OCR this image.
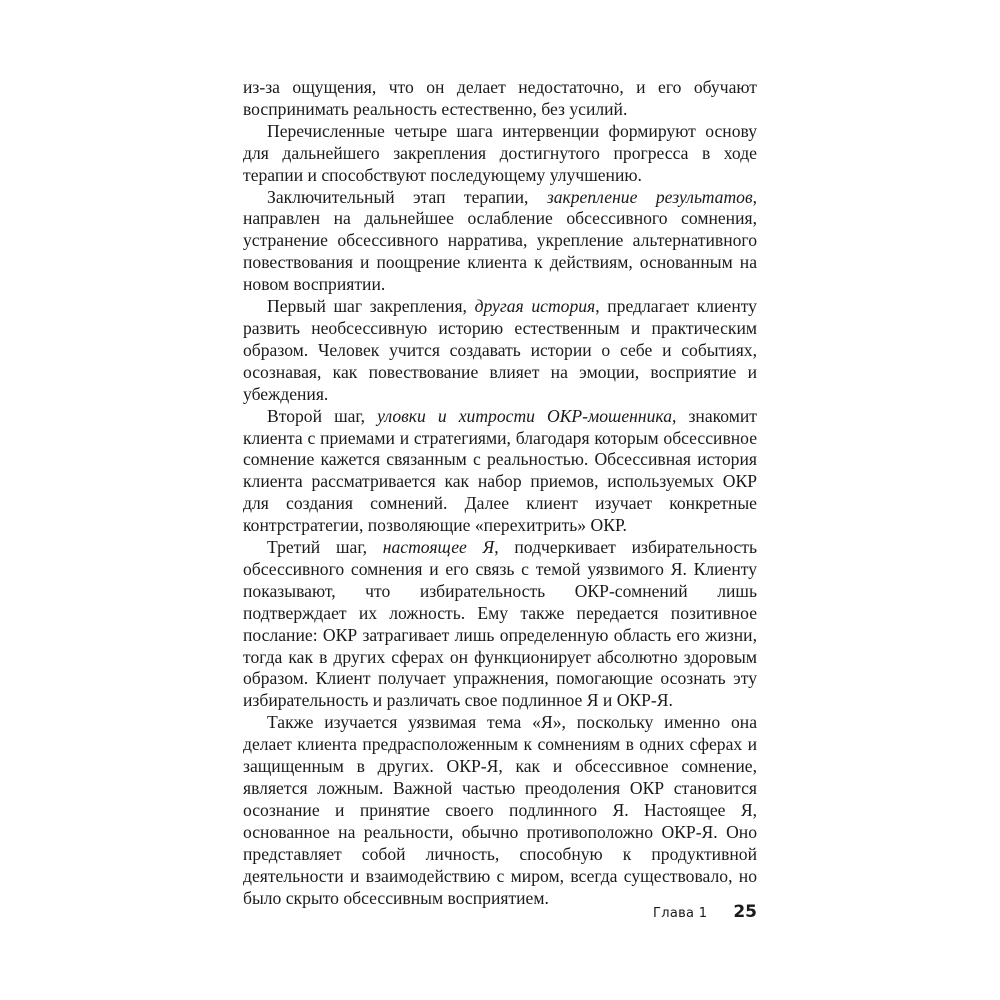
из-за ощущения, что он делает недостаточно, и его обучают воспринимать реальность естественно, без усилий.

Перечисленные четыре шага интервенции формируют основу для дальнейшего закрепления достигнутого прогресса в ходе терапии и способствуют последующему улучшению.

Заключительный этап терапии, закрепление результатов, направлен на дальнейшее ослабление обсессивного сомнения, устранение обсессивного нарратива, укрепление альтернативного повествования и поощрение клиента к действиям, основанным на новом восприятии.

Первый шаг закрепления, другая история, предлагает клиенту развить необсессивную историю естественным и практическим образом. Человек учится создавать истории о себе и событиях, осознавая, как повествование влияет на эмоции, восприятие и убеждения.

Второй шаг, уловки и хитрости ОКР-мошенника, знакомит клиента с приемами и стратегиями, благодаря которым обсессивное сомнение кажется связанным с реальностью. Обсессивная история клиента рассматривается как набор приемов, используемых ОКР для создания сомнений. Далее клиент изучает конкретные контрстратегии, позволяющие «перехитрить» ОКР.

Третий шаг, настоящее Я, подчеркивает избирательность обсессивного сомнения и его связь с темой уязвимого Я. Клиенту показывают, что избирательность ОКР-сомнений лишь подтверждает их ложность. Ему также передается позитивное послание: ОКР затрагивает лишь определенную область его жизни, тогда как в других сферах он функционирует абсолютно здоровым образом. Клиент получает упражнения, помогающие осознать эту избирательность и различать свое подлинное Я и ОКР-Я.

Также изучается уязвимая тема «Я», поскольку именно она делает клиента предрасположенным к сомнениям в одних сферах и защищенным в других. ОКР-Я, как и обсессивное сомнение, является ложным. Важной частью преодоления ОКР становится осознание и принятие своего подлинного Я. Настоящее Я, основанное на реальности, обычно противоположно ОКР-Я. Оно представляет собой личность, способную к продуктивной деятельности и взаимодействию с миром, всегда существовало, но было скрыто обсессивным восприятием.

Глава 1 25
